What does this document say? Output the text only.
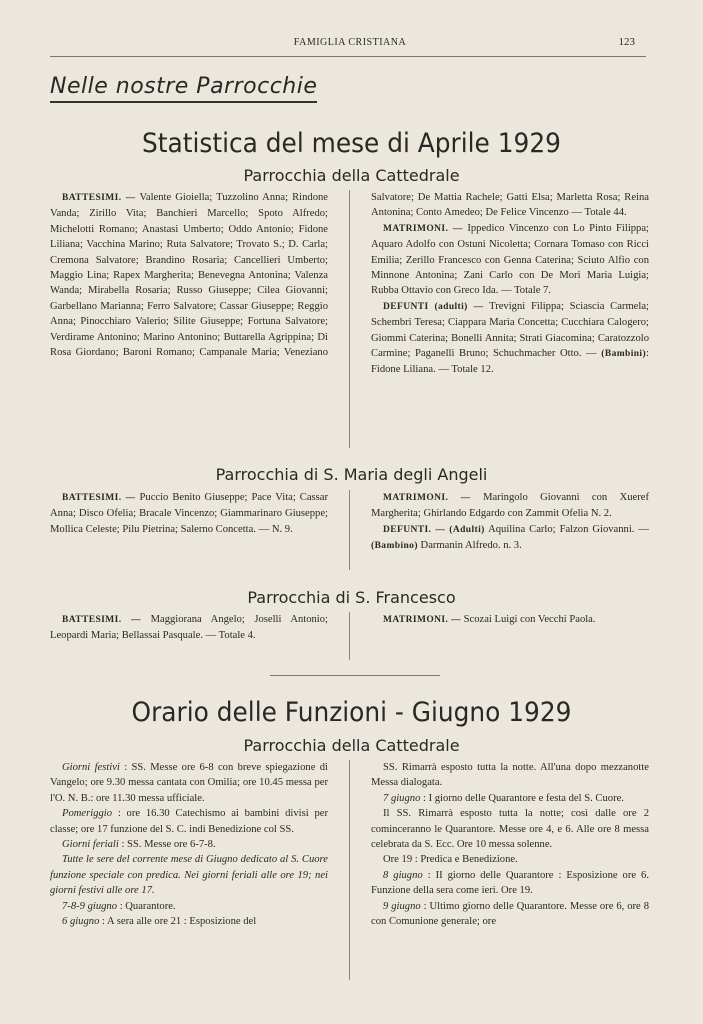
FAMIGLIA CRISTIANA	123
Nelle nostre Parrocchie
Statistica del mese di Aprile 1929
Parrocchia della Cattedrale

BATTESIMI. — Valente Gioiella; Tuzzolino Anna; Rindone Vanda; Zirillo Vita; Banchieri Marcello; Spoto Alfredo; Michelotti Romano; Anastasi Umberto; Oddo Antonio; Fidone Liliana; Vacchina Marino; Ruta Salvatore; Trovato S.; D. Carla; Cremona Salvatore; Brandino Rosaria; Cancellieri Umberto; Maggio Lina; Rapex Margherita; Benevegna Antonina; Valenza Wanda; Mirabella Rosaria; Russo Giuseppe; Cilea Giovanni; Garbellano Marianna; Ferro Salvatore; Cassar Giuseppe; Reggio Anna; Pinocchiaro Valerio; Silite Giuseppe; Fortuna Salvatore; Verdirame Antonino; Marino Antonino; Buttarella Agrippina; Di Rosa Giordano; Baroni Romano; Campanale Maria; Veneziano Salvatore; De Mattia Rachele; Gatti Elsa; Marletta Rosa; Reina Antonina; Conto Amedeo; De Felice Vincenzo — Totale 44.

MATRIMONI. — Ippedico Vincenzo con Lo Pinto Filippa; Aquaro Adolfo con Ostuni Nicoletta; Cornara Tomaso con Ricci Emilia; Zerillo Francesco con Genna Caterina; Sciuto Alfio con Minnone Antonina; Zani Carlo con De Mori Maria Luigia; Rubba Ottavio con Greco Ida. — Totale 7.

DEFUNTI (adulti) — Trevigni Filippa; Sciascia Carmela; Schembri Teresa; Ciappara Maria Concetta; Cucchiara Calogero; Giommi Caterina; Bonelli Annita; Strati Giacomina; Caratozzolo Carmine; Paganelli Bruno; Schuchmacher Otto. — (Bambini): Fidone Liliana. — Totale 12.

Parrocchia di S. Maria degli Angeli

BATTESIMI. — Puccio Benito Giuseppe; Pace Vita; Cassar Anna; Disco Ofelia; Bracale Vincenzo; Giammarinaro Giuseppe; Mollica Celeste; Pilu Pietrina; Salerno Concetta. — N. 9.

MATRIMONI. — Maringolo Giovanni con Xueref Margherita; Ghirlando Edgardo con Zammit Ofelia N. 2.

DEFUNTI. — (Adulti) Aquilina Carlo; Falzon Giovanni. — (Bambino) Darmanin Alfredo. n. 3.

Parrocchia di S. Francesco

BATTESIMI. — Maggiorana Angelo; Joselli Antonio; Leopardi Maria; Bellassai Pasquale. — Totale 4.

MATRIMONI. — Scozai Luigi con Vecchi Paola.

Orario delle Funzioni - Giugno 1929
Parrocchia della Cattedrale

Giorni festivi : SS. Messe ore 6-8 con breve spiegazione di Vangelo; ore 9.30 messa cantata con Omilia; ore 10.45 messa per l'O. N. B.: ore 11.30 messa ufficiale.

Pomeriggio : ore 16.30 Catechismo ai bambini divisi per classe; ore 17 funzione del S. C. indi Benedizione col SS.

Giorni feriali : SS. Messe ore 6-7-8.

Tutte le sere del corrente mese di Giugno dedicato al S. Cuore funzione speciale con predica. Nei giorni feriali alle ore 19; nei giorni festivi alle ore 17.

7-8-9 giugno : Quarantore.

6 giugno : A sera alle ore 21 : Esposizione del

SS. Rimarrà esposto tutta la notte. All'una dopo mezzanotte Messa dialogata.

7 giugno : I giorno delle Quarantore e festa del S. Cuore.

Il SS. Rimarrà esposto tutta la notte; così dalle ore 2 cominceranno le Quarantore. Messe ore 4, e 6. Alle ore 8 messa celebrata da S. Ecc. Ore 10 messa solenne.

Ore 19 : Predica e Benedizione.

8 giugno : II giorno delle Quarantore : Esposizione ore 6. Funzione della sera come ieri. Ore 19.

9 giugno : Ultimo giorno delle Quarantore. Messe ore 6, ore 8 con Comunione generale; ore
